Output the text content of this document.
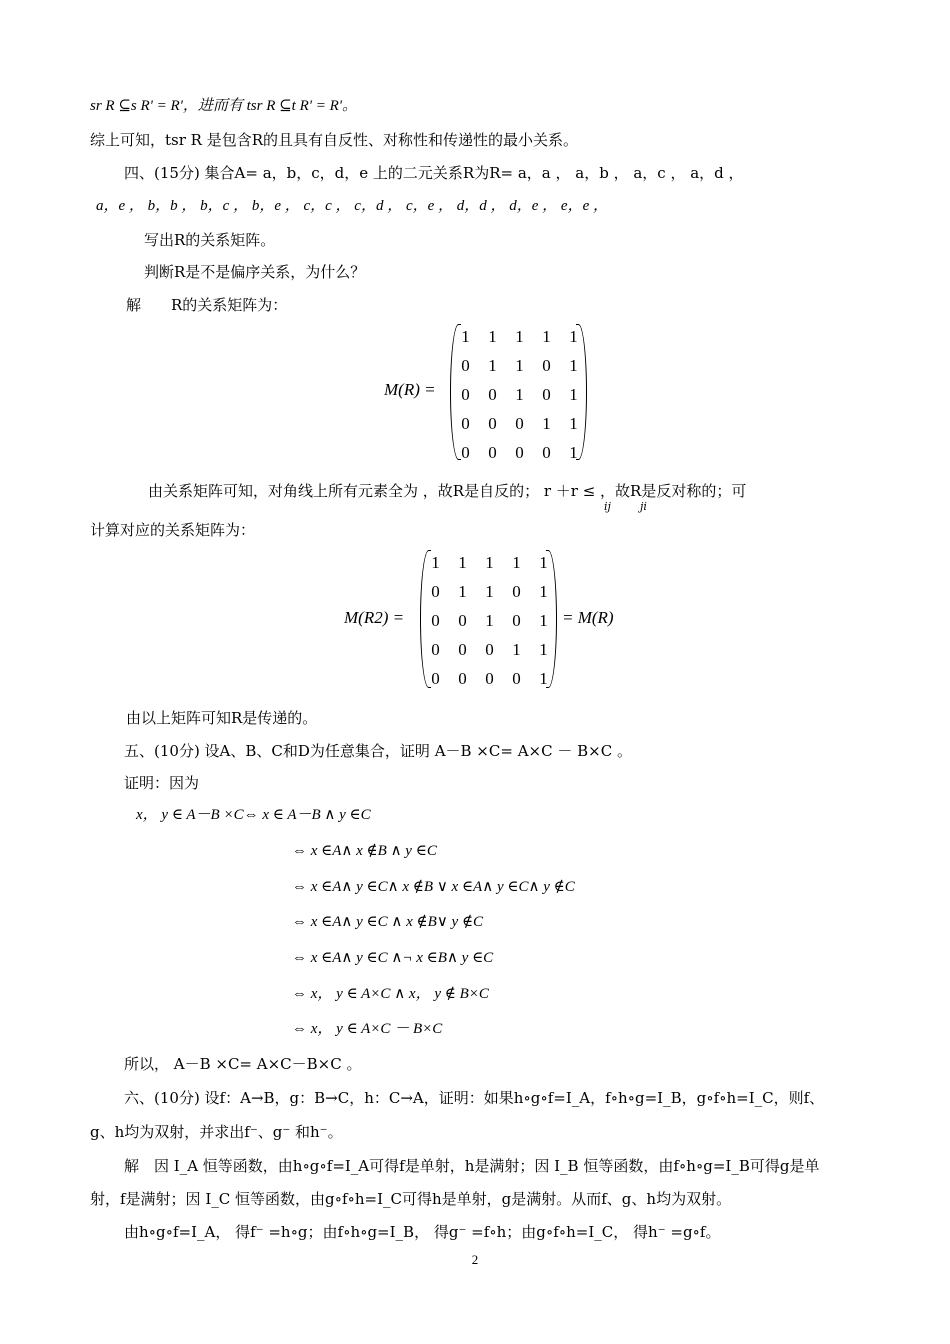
sr R ⊆s R' = R'，进而有 tsr R ⊆t R' = R'。
综上可知，tsr R 是包含R的且具有自反性、对称性和传递性的最小关系。
四、(15分) 集合A= a，b，c，d，e 上的二元关系R为R= a，a ， a，b ， a，c ， a，d ，
a，e ， b，b ， b，c ， b，e ， c，c ， c，d ， c，e ， d，d ， d，e ， e，e ，
写出R的关系矩阵。
判断R是不是偏序关系，为什么？
解　　R的关系矩阵为：
M(R) =
1	1	1	1	1
0	1	1	0	1
0	0	1	0	1
0	0	0	1	1
0	0	0	0	1
由关系矩阵可知，对角线上所有元素全为 ，故R是自反的； r ＋r ≤ ，故R是反对称的；可
ij	ji
计算对应的关系矩阵为：
M(R2) =
1	1	1	1	1
0	1	1	0	1
0	0	1	0	1
0	0	0	1	1
0	0	0	0	1
= M(R)
由以上矩阵可知R是传递的。
五、(10分) 设A、B、C和D为任意集合，证明 A－B ×C= A×C － B×C 。
证明：因为
x， y ∈ A－B ×C⇔ x ∈ A－B ∧ y ∈C
⇔ x ∈A∧ x ∉B ∧ y ∈C
⇔ x ∈A∧ y ∈C∧ x ∉B ∨ x ∈A∧ y ∈C∧ y ∉C
⇔ x ∈A∧ y ∈C ∧ x ∉B∨ y ∉C
⇔ x ∈A∧ y ∈C ∧¬ x ∈B∧ y ∈C
⇔ x， y ∈ A×C ∧ x， y ∉ B×C
⇔ x， y ∈ A×C － B×C
所以， A－B ×C= A×C－B×C 。
六、(10分) 设f：A→B，g：B→C，h：C→A，证明：如果h∘g∘f=I_A，f∘h∘g=I_B，g∘f∘h=I_C，则f、
g、h均为双射，并求出f⁻、g⁻ 和h⁻。
解　因 I_A 恒等函数，由h∘g∘f=I_A可得f是单射，h是满射；因 I_B 恒等函数，由f∘h∘g=I_B可得g是单
射，f是满射；因 I_C 恒等函数，由g∘f∘h=I_C可得h是单射，g是满射。从而f、g、h均为双射。
由h∘g∘f=I_A， 得f⁻ =h∘g；由f∘h∘g=I_B， 得g⁻ =f∘h；由g∘f∘h=I_C， 得h⁻ =g∘f。
2
